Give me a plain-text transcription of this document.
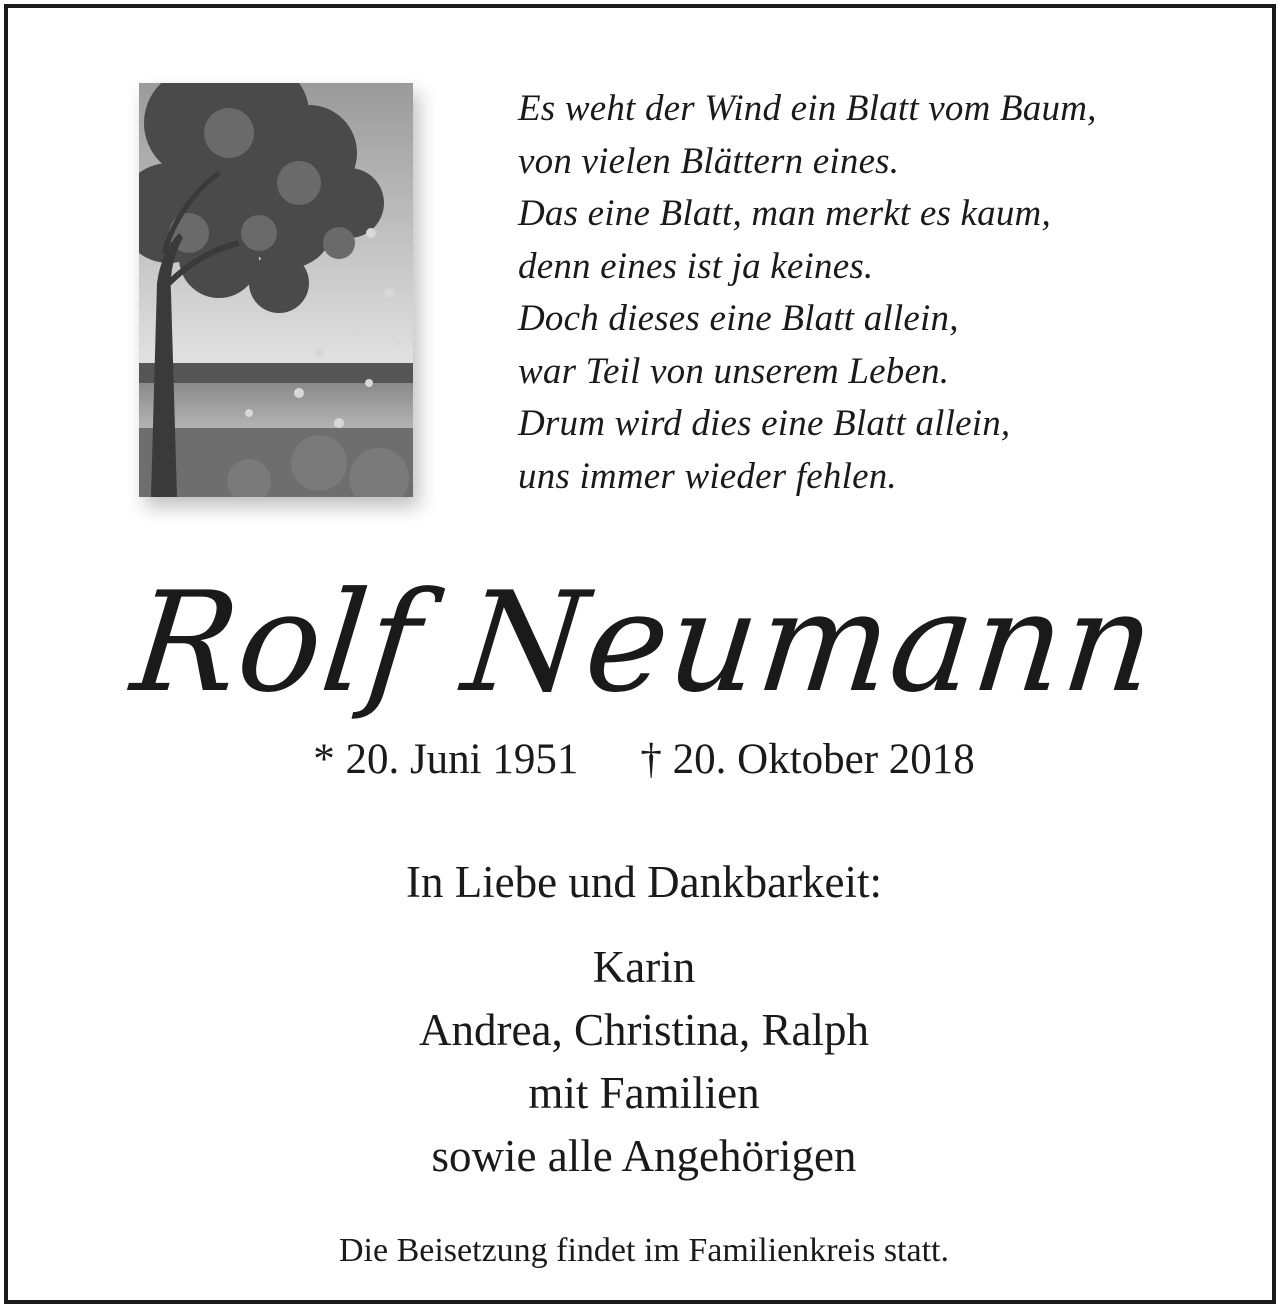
Es weht der Wind ein Blatt vom Baum,
von vielen Blättern eines.
Das eine Blatt, man merkt es kaum,
denn eines ist ja keines.
Doch dieses eine Blatt allein,
war Teil von unserem Leben.
Drum wird dies eine Blatt allein,
uns immer wieder fehlen.
Rolf Neumann
* 20. Juni 1951 † 20. Oktober 2018
In Liebe und Dankbarkeit:
Karin
Andrea, Christina, Ralph
mit Familien
sowie alle Angehörigen
Die Beisetzung findet im Familienkreis statt.
